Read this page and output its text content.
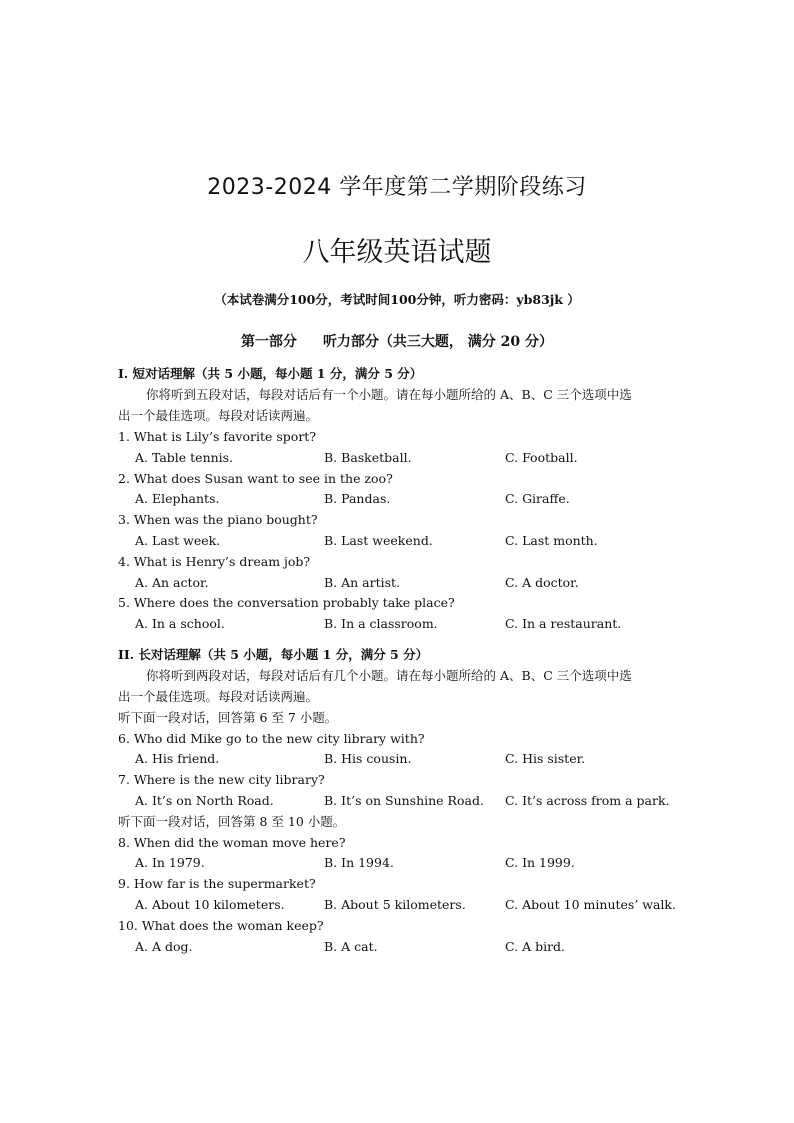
2023-2024 学年度第二学期阶段练习
八年级英语试题
（本试卷满分100分，考试时间100分钟，听力密码：yb83jk ）
第一部分 听力部分（共三大题， 满分 20 分）
I. 短对话理解（共 5 小题，每小题 1 分，满分 5 分）
你将听到五段对话，每段对话后有一个小题。请在每小题所给的 A、B、C 三个选项中选
出一个最佳选项。每段对话读两遍。
1. What is Lily’s favorite sport?
A. Table tennis.	B. Basketball.	C. Football.
2. What does Susan want to see in the zoo?
A. Elephants.	B. Pandas.	C. Giraffe.
3. When was the piano bought?
A. Last week.	B. Last weekend.	C. Last month.
4. What is Henry’s dream job?
A. An actor.	B. An artist.	C. A doctor.
5. Where does the conversation probably take place?
A. In a school.	B. In a classroom.	C. In a restaurant.
II. 长对话理解（共 5 小题，每小题 1 分，满分 5 分）
你将听到两段对话，每段对话后有几个小题。请在每小题所给的 A、B、C 三个选项中选
出一个最佳选项。每段对话读两遍。
听下面一段对话，回答第 6 至 7 小题。
6. Who did Mike go to the new city library with?
A. His friend.	B. His cousin.	C. His sister.
7. Where is the new city library?
A. It’s on North Road.	B. It’s on Sunshine Road. C. It’s across from a park.
听下面一段对话，回答第 8 至 10 小题。
8. When did the woman move here?
A. In 1979.	B. In 1994.	C. In 1999.
9. How far is the supermarket?
A. About 10 kilometers.	B. About 5 kilometers.	C. About 10 minutes’ walk.
10. What does the woman keep?
A. A dog.	B. A cat.	C. A bird.
